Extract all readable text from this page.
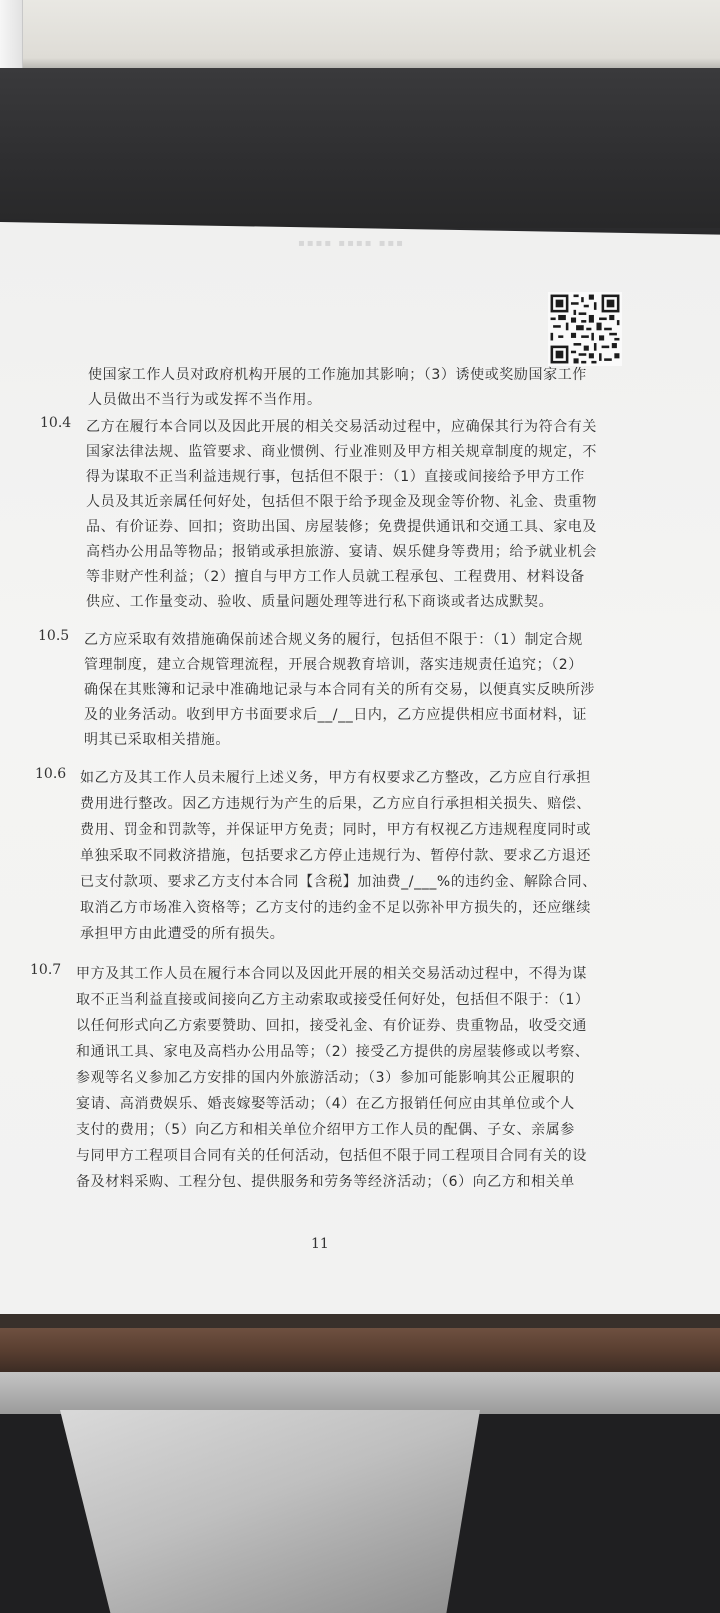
▪▪▪▪ ▪▪▪▪ ▪▪▪
使国家工作人员对政府机构开展的工作施加其影响；（3）诱使或奖励国家工作
人员做出不当行为或发挥不当作用。
10.4 乙方在履行本合同以及因此开展的相关交易活动过程中，应确保其行为符合有关
国家法律法规、监管要求、商业惯例、行业准则及甲方相关规章制度的规定，不
得为谋取不正当利益违规行事，包括但不限于：（1）直接或间接给予甲方工作
人员及其近亲属任何好处，包括但不限于给予现金及现金等价物、礼金、贵重物
品、有价证券、回扣；资助出国、房屋装修；免费提供通讯和交通工具、家电及
高档办公用品等物品；报销或承担旅游、宴请、娱乐健身等费用；给予就业机会
等非财产性利益；（2）擅自与甲方工作人员就工程承包、工程费用、材料设备
供应、工作量变动、验收、质量问题处理等进行私下商谈或者达成默契。
10.5 乙方应采取有效措施确保前述合规义务的履行，包括但不限于：（1）制定合规
管理制度，建立合规管理流程，开展合规教育培训，落实违规责任追究；（2）
确保在其账簿和记录中准确地记录与本合同有关的所有交易，以便真实反映所涉
及的业务活动。收到甲方书面要求后__/__日内，乙方应提供相应书面材料，证
明其已采取相关措施。
10.6 如乙方及其工作人员未履行上述义务，甲方有权要求乙方整改，乙方应自行承担
费用进行整改。因乙方违规行为产生的后果，乙方应自行承担相关损失、赔偿、
费用、罚金和罚款等，并保证甲方免责；同时，甲方有权视乙方违规程度同时或
单独采取不同救济措施，包括要求乙方停止违规行为、暂停付款、要求乙方退还
已支付款项、要求乙方支付本合同【含税】加油费_/___%的违约金、解除合同、
取消乙方市场准入资格等；乙方支付的违约金不足以弥补甲方损失的，还应继续
承担甲方由此遭受的所有损失。
10.7 甲方及其工作人员在履行本合同以及因此开展的相关交易活动过程中，不得为谋
取不正当利益直接或间接向乙方主动索取或接受任何好处，包括但不限于：（1）
以任何形式向乙方索要赞助、回扣，接受礼金、有价证券、贵重物品，收受交通
和通讯工具、家电及高档办公用品等；（2）接受乙方提供的房屋装修或以考察、
参观等名义参加乙方安排的国内外旅游活动；（3）参加可能影响其公正履职的
宴请、高消费娱乐、婚丧嫁娶等活动；（4）在乙方报销任何应由其单位或个人
支付的费用；（5）向乙方和相关单位介绍甲方工作人员的配偶、子女、亲属参
与同甲方工程项目合同有关的任何活动，包括但不限于同工程项目合同有关的设
备及材料采购、工程分包、提供服务和劳务等经济活动；（6）向乙方和相关单
11
